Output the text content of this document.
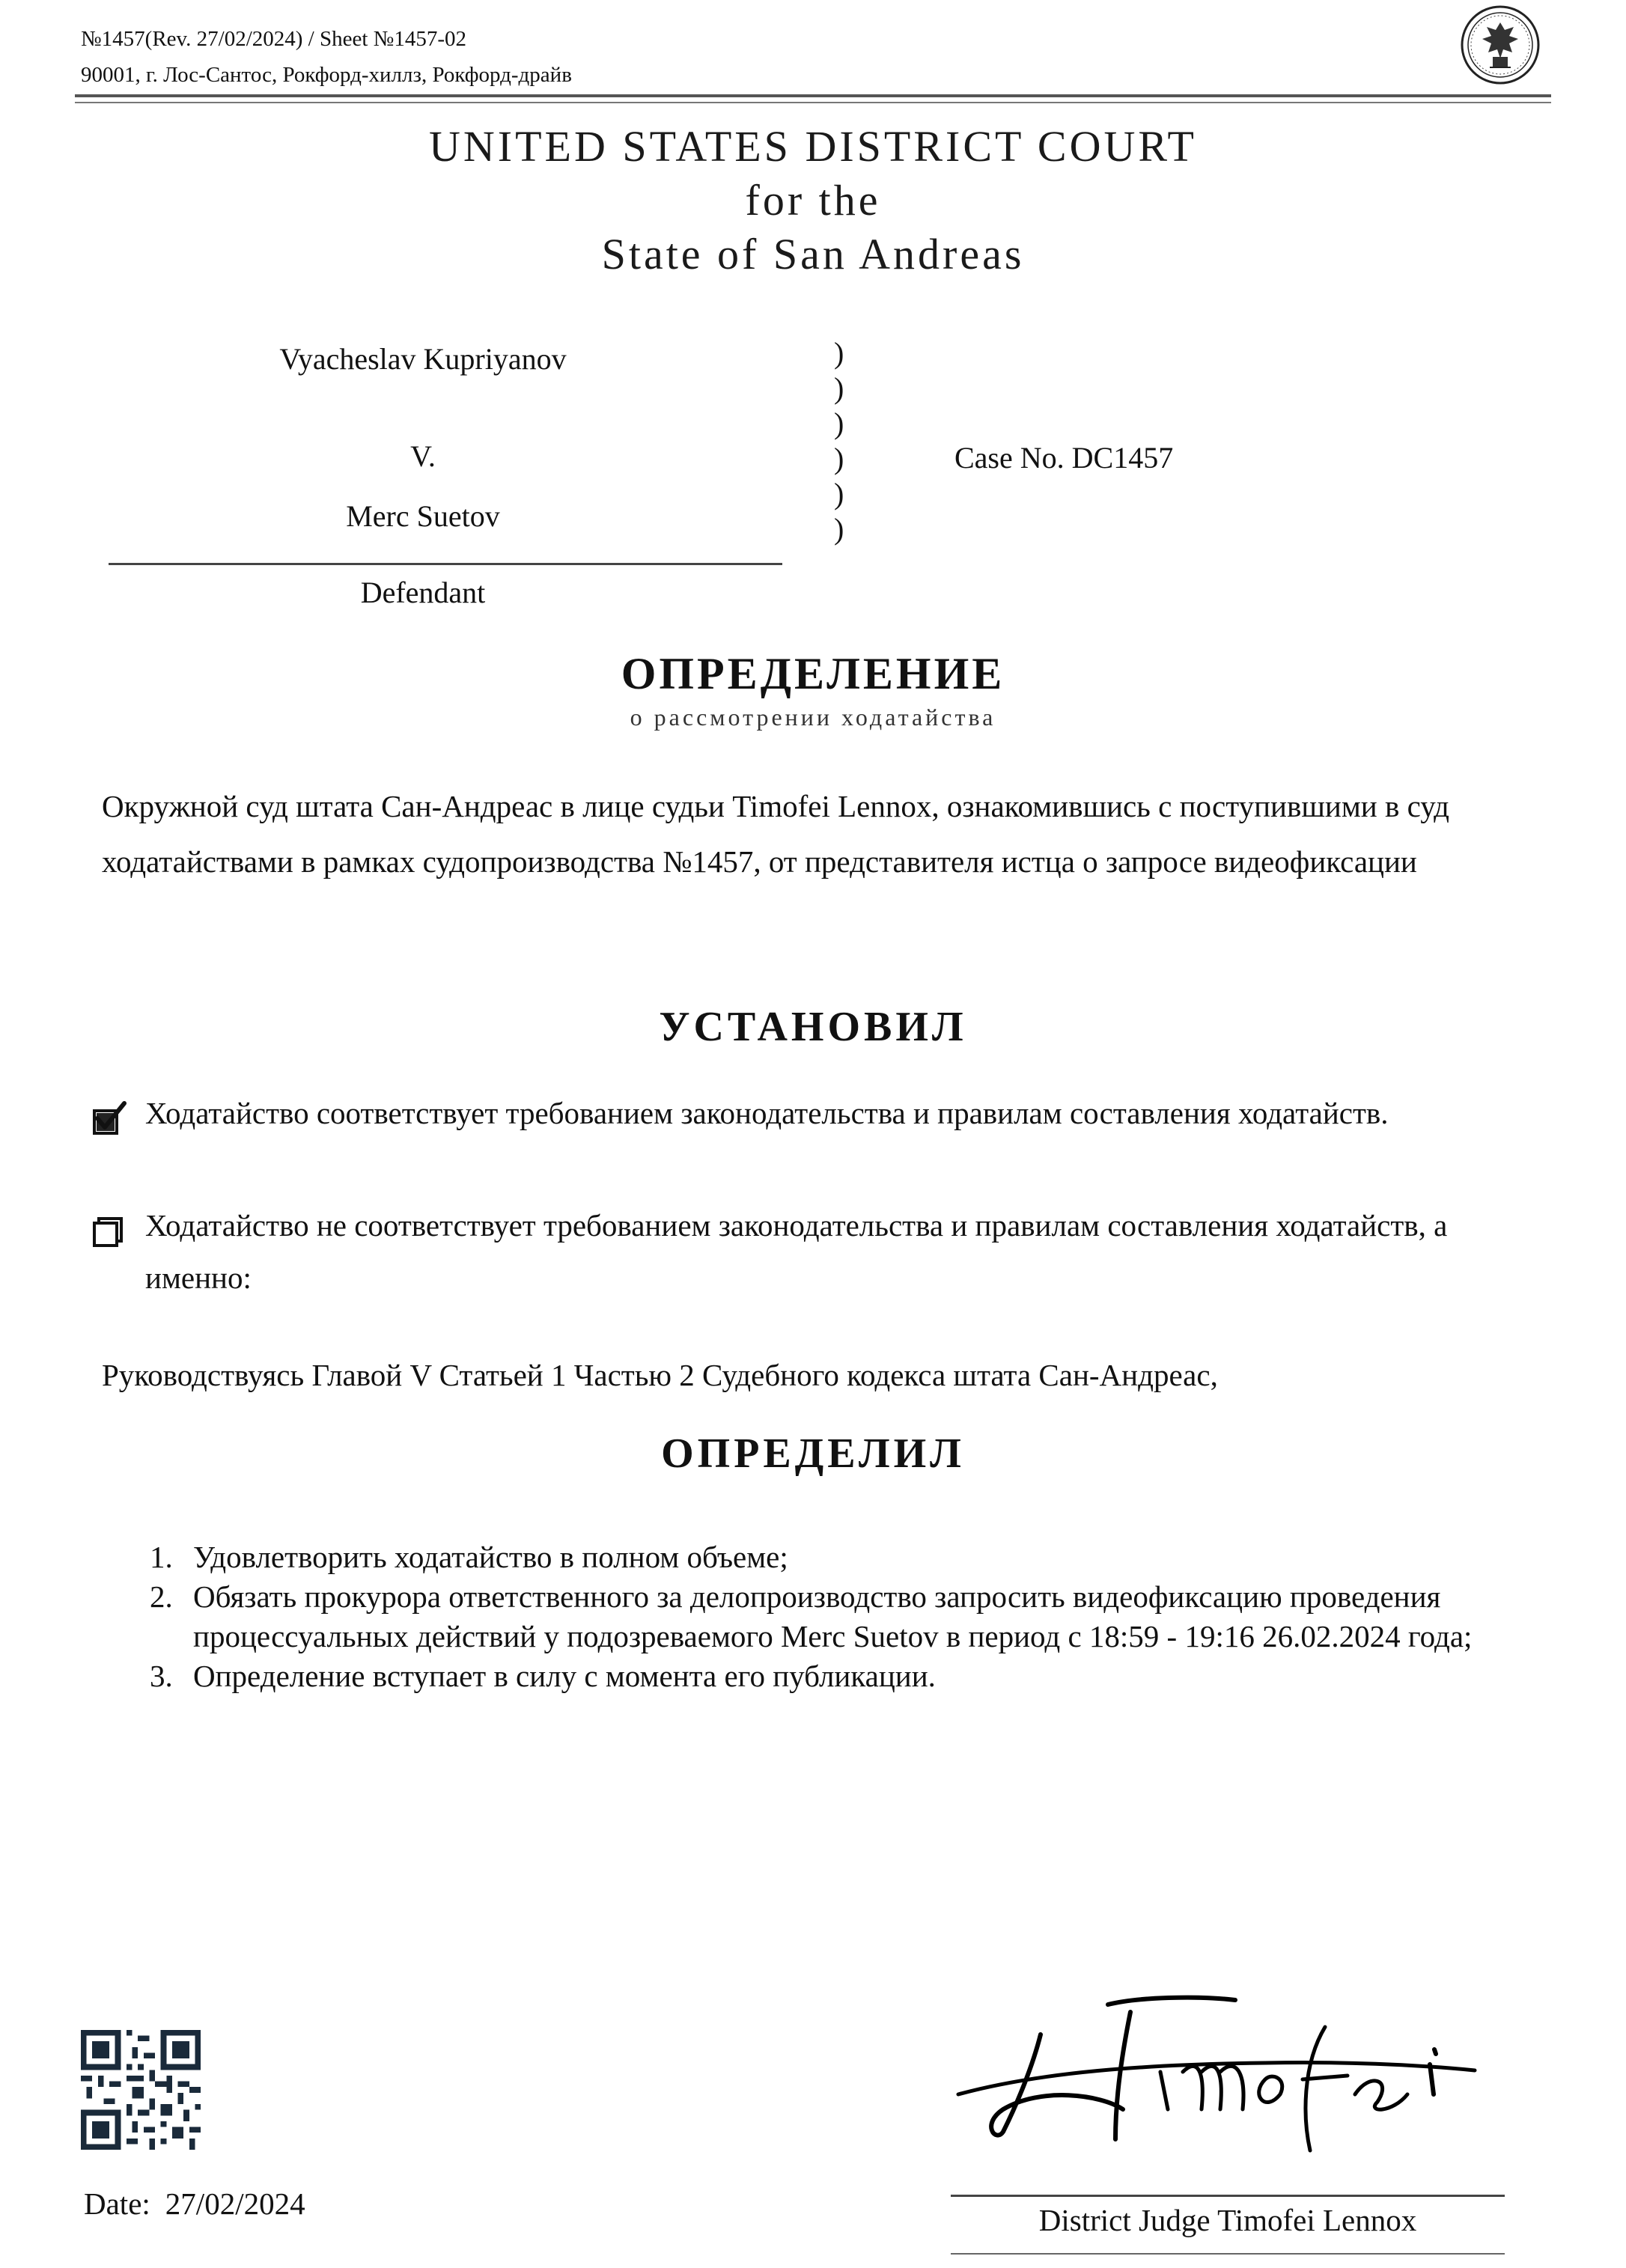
№1457(Rev. 27/02/2024) / Sheet №1457-02
90001, г. Лос-Сантос, Рокфорд-хиллз, Рокфорд-драйв
UNITED STATES DISTRICT COURT
for the
State of San Andreas
Vyacheslav Kupriyanov
V.
Merc Suetov
Defendant
)
)
)
)
)
)
Case No. DC1457
ОПРЕДЕЛЕНИЕ
о рассмотрении ходатайства
Окружной суд штата Сан-Андреас в лице судьи Timofei Lennox, ознакомившись с поступившими в суд ходатайствами в рамках судопроизводства №1457, от представителя истца о запросе видеофиксации
УСТАНОВИЛ
Ходатайство соответствует требованием законодательства и правилам составления ходатайств.
Ходатайство не соответствует требованием законодательства и правилам составления ходатайств, а именно:
Руководствуясь Главой V Статьей 1 Частью 2 Судебного кодекса штата Сан-Андреас,
ОПРЕДЕЛИЛ
1. Удовлетворить ходатайство в полном объеме;
2. Обязать прокурора ответственного за делопроизводство запросить видеофиксацию проведения процессуальных действий у подозреваемого Merc Suetov в период с 18:59 - 19:16 26.02.2024 года;
3. Определение вступает в силу с момента его публикации.
Date: 27/02/2024	District Judge Timofei Lennox
